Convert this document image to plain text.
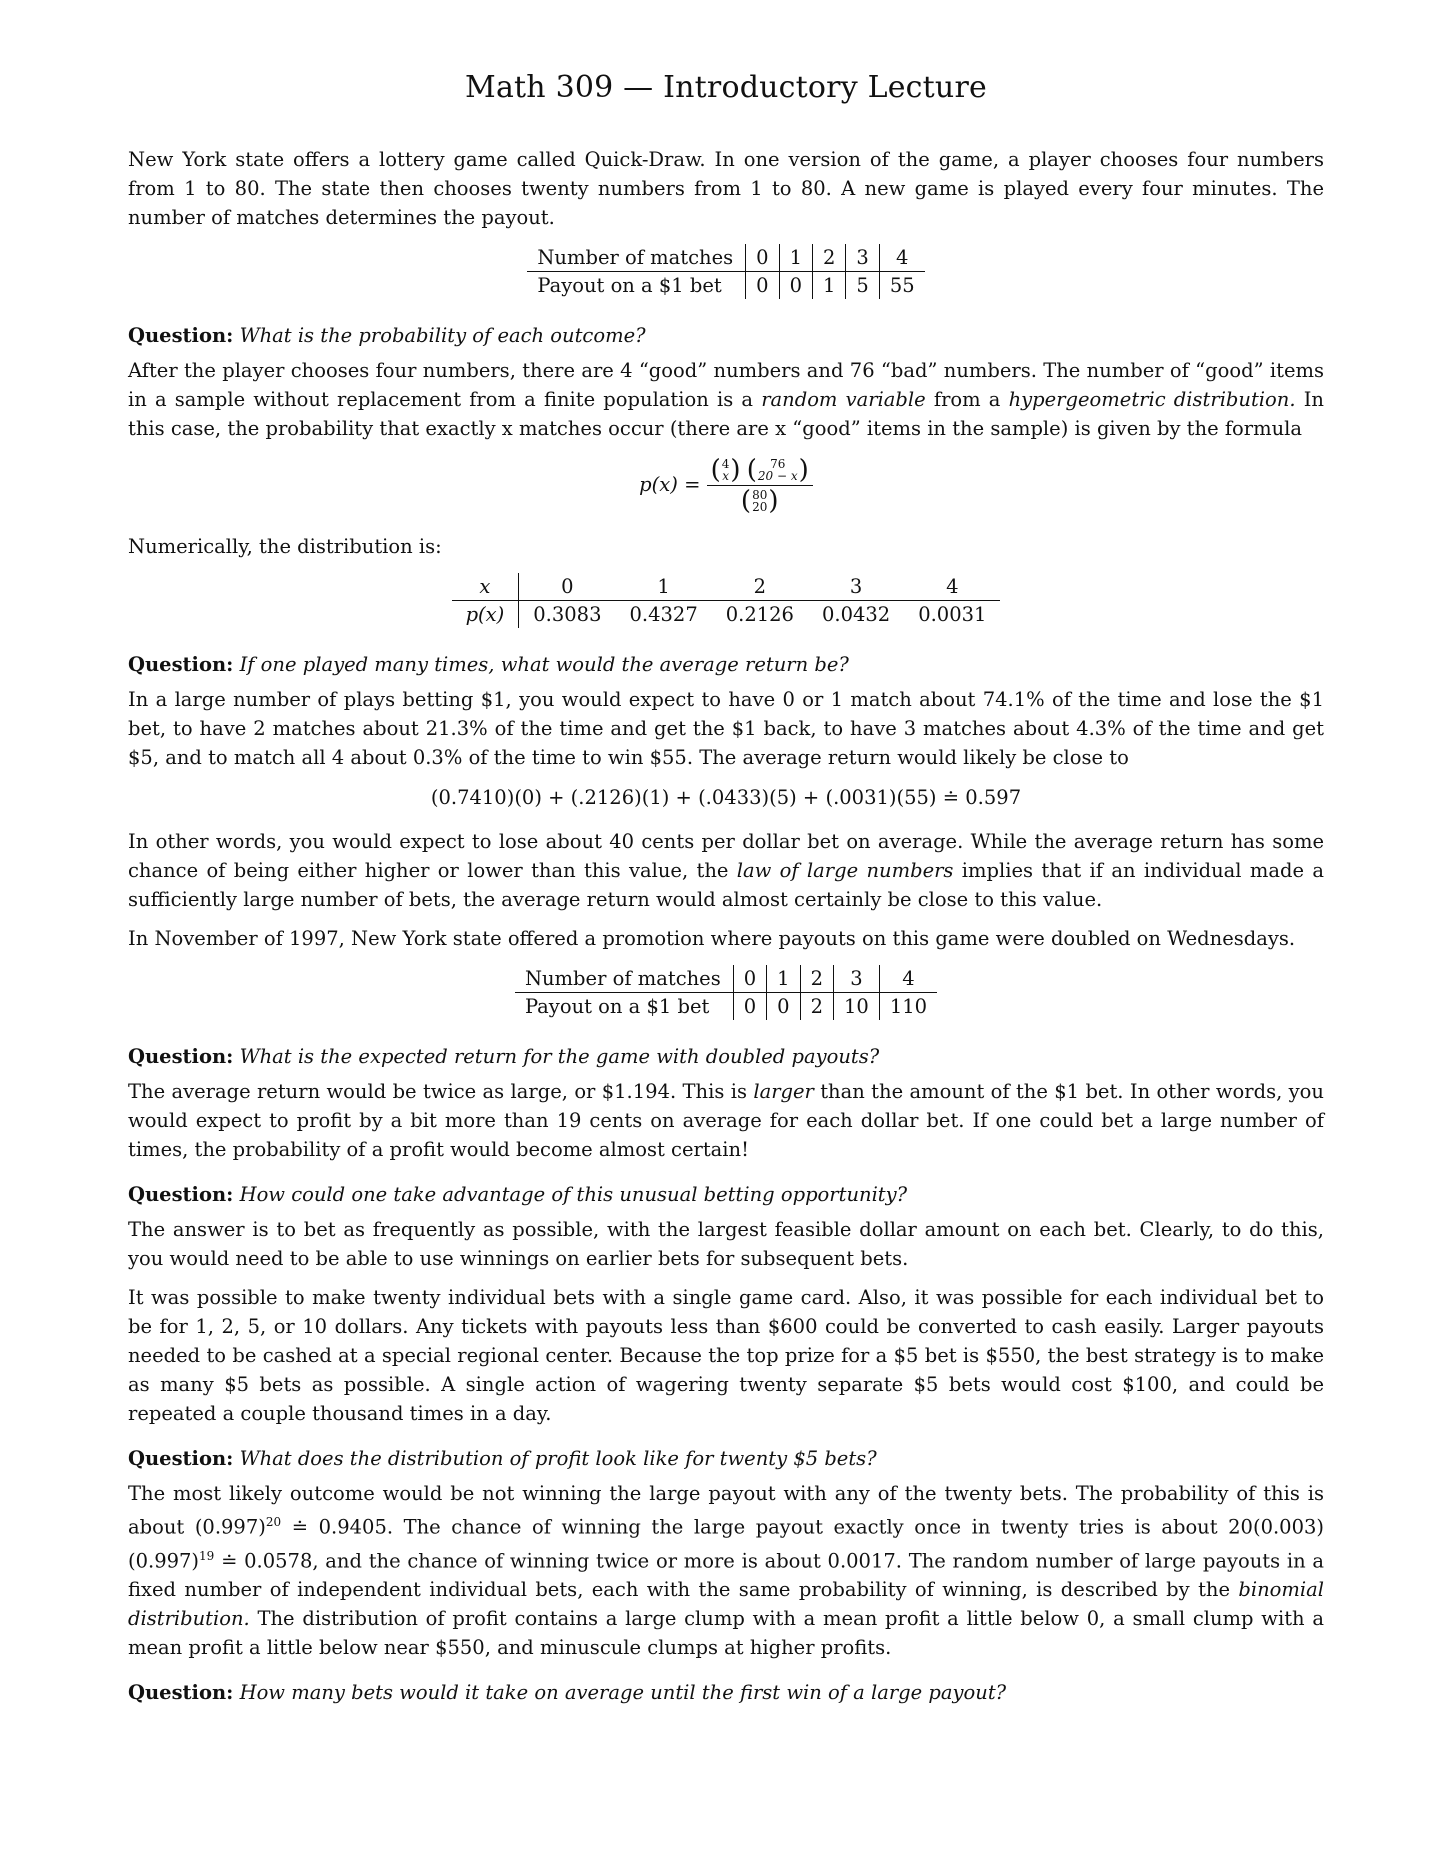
Math 309 — Introductory Lecture

New York state offers a lottery game called Quick-Draw. In one version of the game, a player chooses four numbers from 1 to 80. The state then chooses twenty numbers from 1 to 80. A new game is played every four minutes. The number of matches determines the payout.

Number of matches	0	1	2	3	4
Payout on a $1 bet	0	0	1	5	55

Question: What is the probability of each outcome?

After the player chooses four numbers, there are 4 “good” numbers and 76 “bad” numbers. The number of “good” items in a sample without replacement from a finite population is a random variable from a hypergeometric distribution. In this case, the probability that exactly x matches occur (there are x “good” items in the sample) is given by the formula

p(x) = ( 4
x )
(	76
20 − x )
( 80
20 )

Numerically, the distribution is:

x	0	1	2	3	4
p(x)	0.3083	0.4327	0.2126	0.0432	0.0031

Question: If one played many times, what would the average return be?

In a large number of plays betting $1, you would expect to have 0 or 1 match about 74.1% of the time and lose the $1 bet, to have 2 matches about 21.3% of the time and get the $1 back, to have 3 matches about 4.3% of the time and get $5, and to match all 4 about 0.3% of the time to win $55. The average return would likely be close to

(0.7410)(0) + (.2126)(1) + (.0433)(5) + (.0031)(55) ≐ 0.597

In other words, you would expect to lose about 40 cents per dollar bet on average. While the average return has some chance of being either higher or lower than this value, the law of large numbers implies that if an individual made a sufficiently large number of bets, the average return would almost certainly be close to this value.

In November of 1997, New York state offered a promotion where payouts on this game were doubled on Wednesdays.

Number of matches	0	1	2	3	4
Payout on a $1 bet	0	0	2	10	110

Question: What is the expected return for the game with doubled payouts?

The average return would be twice as large, or $1.194. This is larger than the amount of the $1 bet. In other words, you would expect to profit by a bit more than 19 cents on average for each dollar bet. If one could bet a large number of times, the probability of a profit would become almost certain!

Question: How could one take advantage of this unusual betting opportunity?

The answer is to bet as frequently as possible, with the largest feasible dollar amount on each bet. Clearly, to do this, you would need to be able to use winnings on earlier bets for subsequent bets.

It was possible to make twenty individual bets with a single game card. Also, it was possible for each individual bet to be for 1, 2, 5, or 10 dollars. Any tickets with payouts less than $600 could be converted to cash easily. Larger payouts needed to be cashed at a special regional center. Because the top prize for a $5 bet is $550, the best strategy is to make as many $5 bets as possible. A single action of wagering twenty separate $5 bets would cost $100, and could be repeated a couple thousand times in a day.

Question: What does the distribution of profit look like for twenty $5 bets?

The most likely outcome would be not winning the large payout with any of the twenty bets. The probability of this is about $(0.997)^{20}$ ≐ 0.9405. The chance of winning the large payout exactly once in twenty tries is about $20(0.003)(0.997)^{19}$ ≐ 0.0578, and the chance of winning twice or more is about 0.0017. The random number of large payouts in a fixed number of independent individual bets, each with the same probability of winning, is described by the binomial distribution. The distribution of profit contains a large clump with a mean profit a little below 0, a small clump with a mean profit a little below near $550, and minuscule clumps at higher profits.

Question: How many bets would it take on average until the first win of a large payout?
